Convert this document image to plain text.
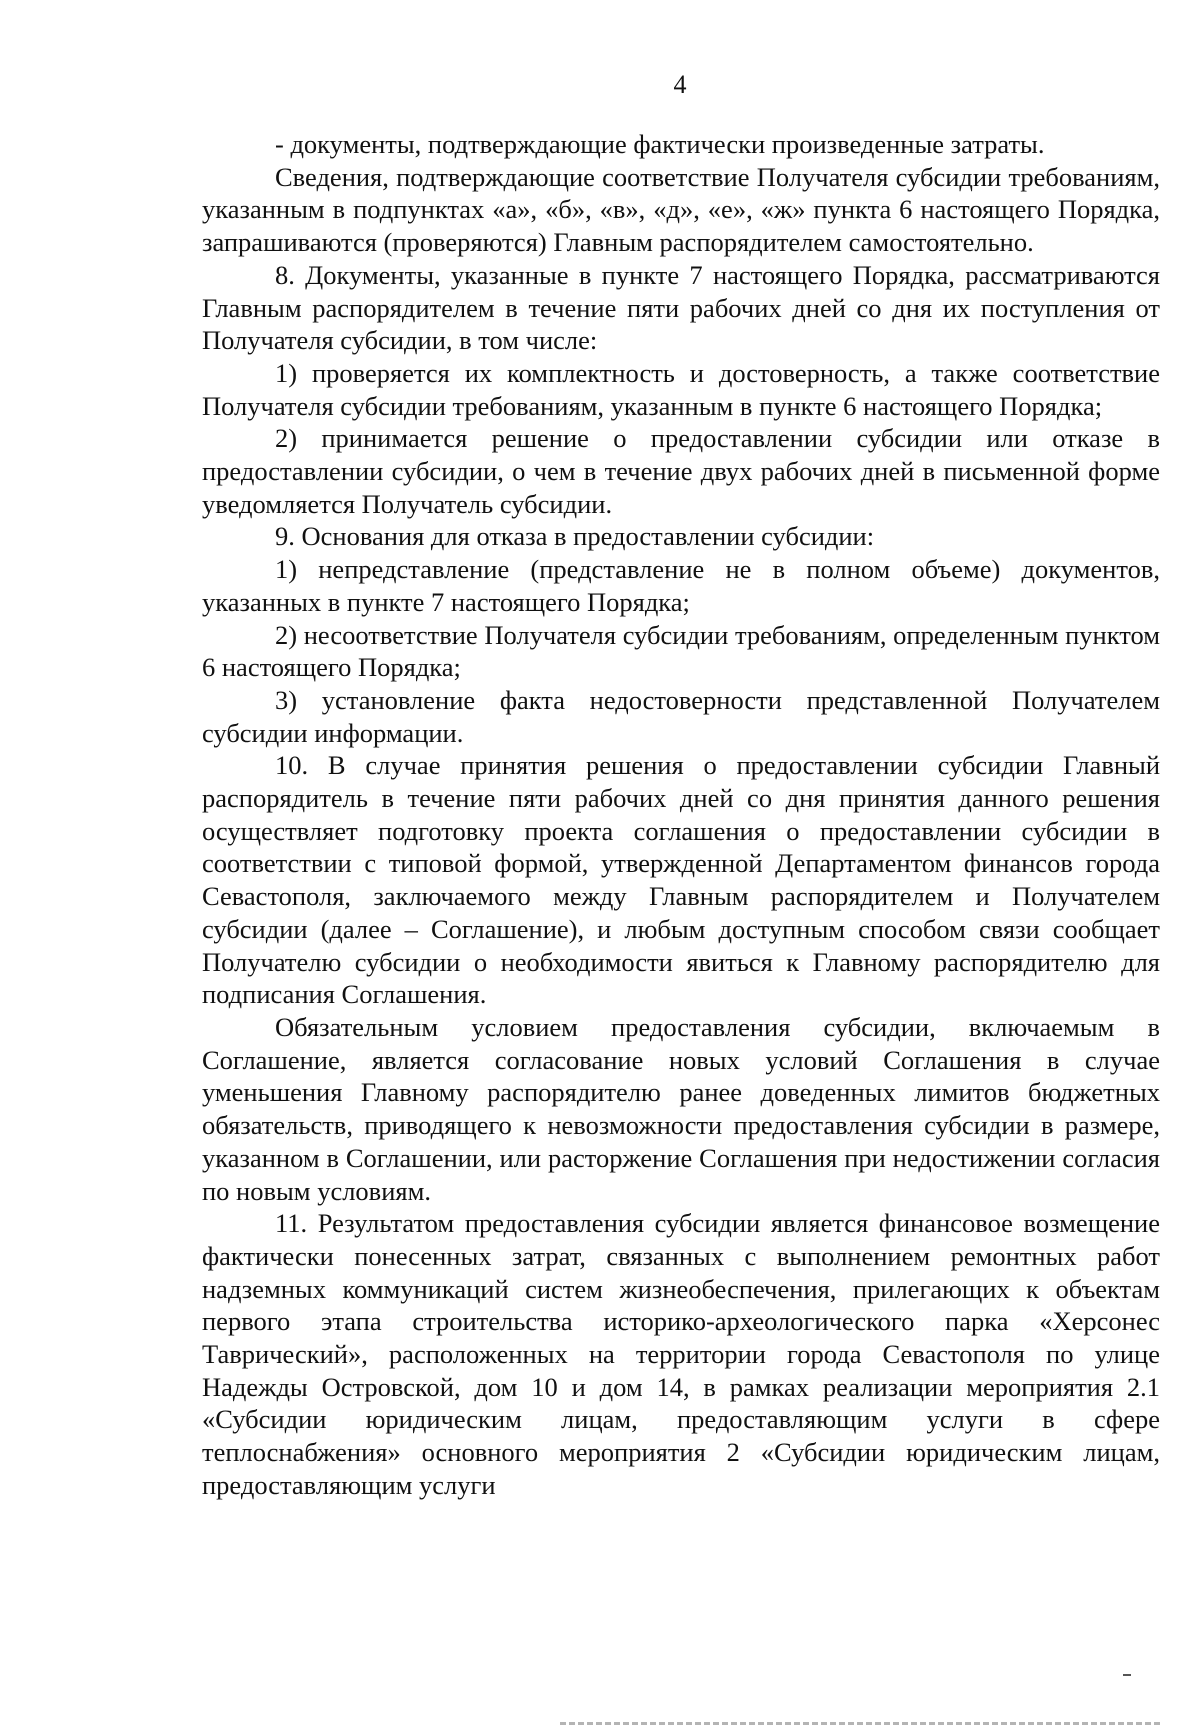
4

- документы, подтверждающие фактически произведенные затраты.

Сведения, подтверждающие соответствие Получателя субсидии требованиям, указанным в подпунктах «а», «б», «в», «д», «е», «ж» пункта 6 настоящего Порядка, запрашиваются (проверяются) Главным распорядителем самостоятельно.

8. Документы, указанные в пункте 7 настоящего Порядка, рассматриваются Главным распорядителем в течение пяти рабочих дней со дня их поступления от Получателя субсидии, в том числе:

1) проверяется их комплектность и достоверность, а также соответствие Получателя субсидии требованиям, указанным в пункте 6 настоящего Порядка;

2) принимается решение о предоставлении субсидии или отказе в предоставлении субсидии, о чем в течение двух рабочих дней в письменной форме уведомляется Получатель субсидии.

9. Основания для отказа в предоставлении субсидии:

1) непредставление (представление не в полном объеме) документов, указанных в пункте 7 настоящего Порядка;

2) несоответствие Получателя субсидии требованиям, определенным пунктом 6 настоящего Порядка;

3) установление факта недостоверности представленной Получателем субсидии информации.

10. В случае принятия решения о предоставлении субсидии Главный распорядитель в течение пяти рабочих дней со дня принятия данного решения осуществляет подготовку проекта соглашения о предоставлении субсидии в соответствии с типовой формой, утвержденной Департаментом финансов города Севастополя, заключаемого между Главным распорядителем и Получателем субсидии (далее – Соглашение), и любым доступным способом связи сообщает Получателю субсидии о необходимости явиться к Главному распорядителю для подписания Соглашения.

Обязательным условием предоставления субсидии, включаемым в Соглашение, является согласование новых условий Соглашения в случае уменьшения Главному распорядителю ранее доведенных лимитов бюджетных обязательств, приводящего к невозможности предоставления субсидии в размере, указанном в Соглашении, или расторжение Соглашения при недостижении согласия по новым условиям.

11. Результатом предоставления субсидии является финансовое возмещение фактически понесенных затрат, связанных с выполнением ремонтных работ надземных коммуникаций систем жизнеобеспечения, прилегающих к объектам первого этапа строительства историко-археологического парка «Херсонес Таврический», расположенных на территории города Севастополя по улице Надежды Островской, дом 10 и дом 14, в рамках реализации мероприятия 2.1 «Субсидии юридическим лицам, предоставляющим услуги в сфере теплоснабжения» основного мероприятия 2 «Субсидии юридическим лицам, предоставляющим услуги
